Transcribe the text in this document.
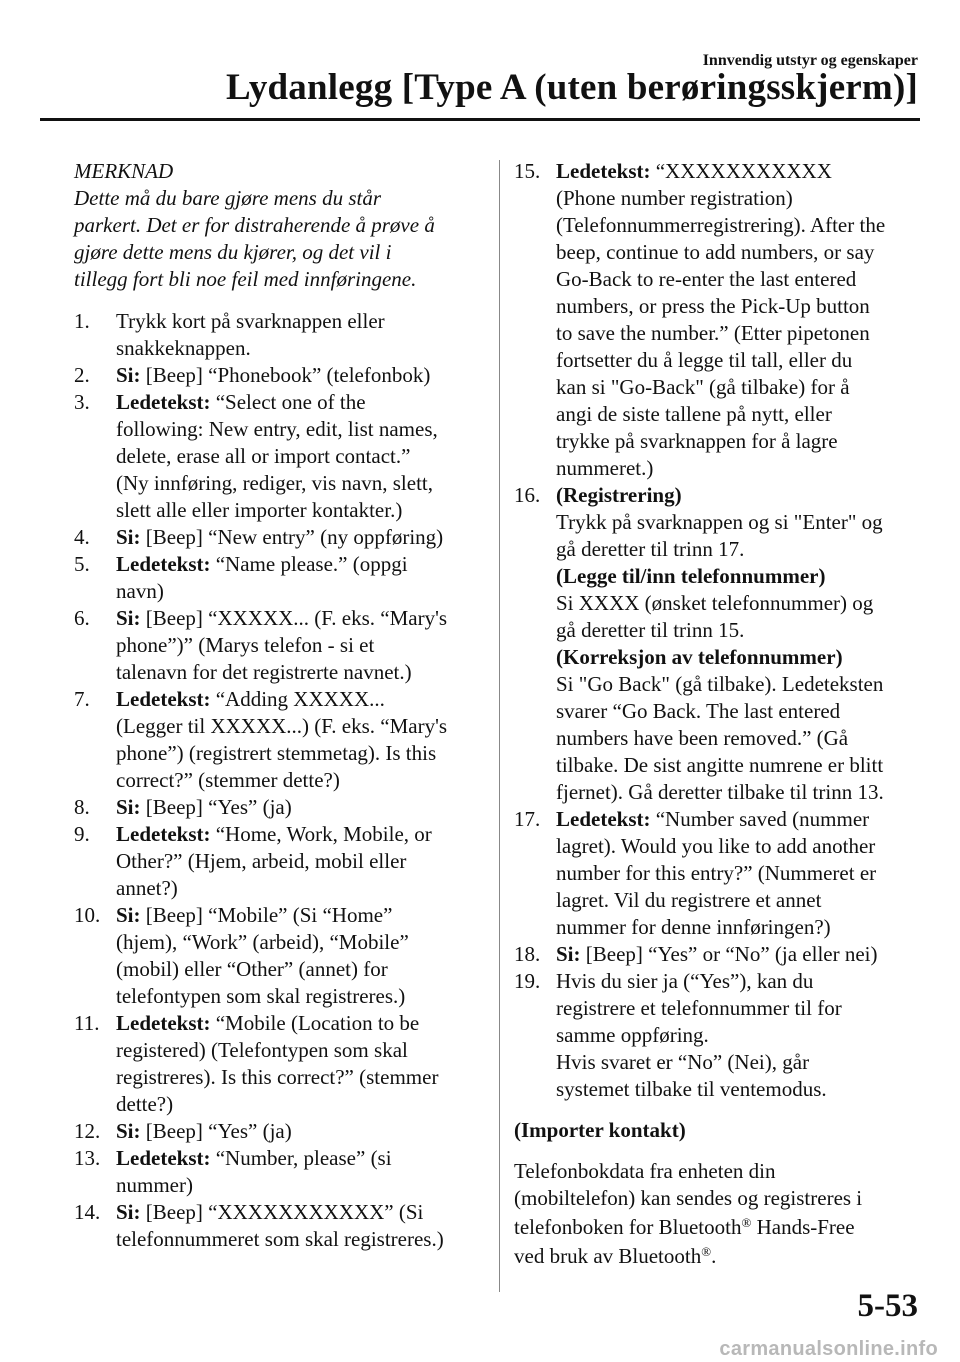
Innvendig utstyr og egenskaper
Lydanlegg [Type A (uten berøringsskjerm)]
MERKNAD
Dette må du bare gjøre mens du står
parkert. Det er for distraherende å prøve å
gjøre dette mens du kjører, og det vil i
tillegg fort bli noe feil med innføringene.
1.	Trykk kort på svarknappen eller
snakkeknappen.
2.	Si: [Beep] “Phonebook” (telefonbok)
3.	Ledetekst: “Select one of the
following: New entry, edit, list names,
delete, erase all or import contact.”
(Ny innføring, rediger, vis navn, slett,
slett alle eller importer kontakter.)
4.	Si: [Beep] “New entry” (ny oppføring)
5.	Ledetekst: “Name please.” (oppgi
navn)
6.	Si: [Beep] “XXXXX... (F. eks. “Mary's
phone”)” (Marys telefon - si et
talenavn for det registrerte navnet.)
7.	Ledetekst: “Adding XXXXX...
(Legger til XXXXX...) (F. eks. “Mary's
phone”) (registrert stemmetag). Is this
correct?” (stemmer dette?)
8.	Si: [Beep] “Yes” (ja)
9.	Ledetekst: “Home, Work, Mobile, or
Other?” (Hjem, arbeid, mobil eller
annet?)
10. Si: [Beep] “Mobile” (Si “Home”
(hjem), “Work” (arbeid), “Mobile”
(mobil) eller “Other” (annet) for
telefontypen som skal registreres.)
11. Ledetekst: “Mobile (Location to be
registered) (Telefontypen som skal
registreres). Is this correct?” (stemmer
dette?)
12. Si: [Beep] “Yes” (ja)
13. Ledetekst: “Number, please” (si
nummer)
14. Si: [Beep] “XXXXXXXXXXX” (Si
telefonnummeret som skal registreres.)
15. Ledetekst: “XXXXXXXXXXX
(Phone number registration)
(Telefonnummerregistrering). After the
beep, continue to add numbers, or say
Go-Back to re-enter the last entered
numbers, or press the Pick-Up button
to save the number.” (Etter pipetonen
fortsetter du å legge til tall, eller du
kan si "Go-Back" (gå tilbake) for å
angi de siste tallene på nytt, eller
trykke på svarknappen for å lagre
nummeret.)
16. (Registrering)
Trykk på svarknappen og si "Enter" og
gå deretter til trinn 17.
(Legge til/inn telefonnummer)
Si XXXX (ønsket telefonnummer) og
gå deretter til trinn 15.
(Korreksjon av telefonnummer)
Si "Go Back" (gå tilbake). Ledeteksten
svarer “Go Back. The last entered
numbers have been removed.” (Gå
tilbake. De sist angitte numrene er blitt
fjernet). Gå deretter tilbake til trinn 13.
17. Ledetekst: “Number saved (nummer
lagret). Would you like to add another
number for this entry?” (Nummeret er
lagret. Vil du registrere et annet
nummer for denne innføringen?)
18. Si: [Beep] “Yes” or “No” (ja eller nei)
19. Hvis du sier ja (“Yes”), kan du
registrere et telefonnummer til for
samme oppføring.
Hvis svaret er “No” (Nei), går
systemet tilbake til ventemodus.
(Importer kontakt)
Telefonbokdata fra enheten din
(mobiltelefon) kan sendes og registreres i
telefonboken for Bluetooth® Hands-Free
ved bruk av Bluetooth®.
5-53
carmanualsonline.info
